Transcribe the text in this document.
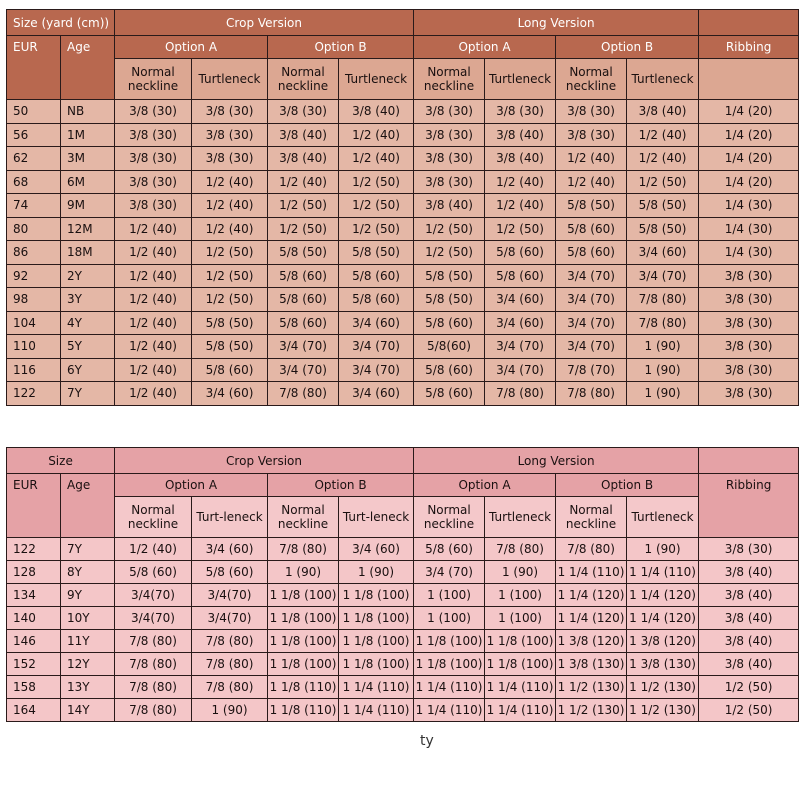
Size (yard (cm))		Crop Version				Long Version				
EUR	Age	Option A		Option B		Option A		Option B		Ribbing
		Normal neckline	Turtleneck	Normal neckline	Turtleneck	Normal neckline	Turtleneck	Normal neckline	Turtleneck	
50	NB	3/8 (30)	3/8 (30)	3/8 (30)	3/8 (40)	3/8 (30)	3/8 (30)	3/8 (30)	3/8 (40)	1/4 (20)
56	1M	3/8 (30)	3/8 (30)	3/8 (40)	1/2 (40)	3/8 (30)	3/8 (40)	3/8 (30)	1/2 (40)	1/4 (20)
62	3M	3/8 (30)	3/8 (30)	3/8 (40)	1/2 (40)	3/8 (30)	3/8 (40)	1/2 (40)	1/2 (40)	1/4 (20)
68	6M	3/8 (30)	1/2 (40)	1/2 (40)	1/2 (50)	3/8 (30)	1/2 (40)	1/2 (40)	1/2 (50)	1/4 (20)
74	9M	3/8 (30)	1/2 (40)	1/2 (50)	1/2 (50)	3/8 (40)	1/2 (40)	5/8 (50)	5/8 (50)	1/4 (30)
80	12M	1/2 (40)	1/2 (40)	1/2 (50)	1/2 (50)	1/2 (50)	1/2 (50)	5/8 (60)	5/8 (50)	1/4 (30)
86	18M	1/2 (40)	1/2 (50)	5/8 (50)	5/8 (50)	1/2 (50)	5/8 (60)	5/8 (60)	3/4 (60)	1/4 (30)
92	2Y	1/2 (40)	1/2 (50)	5/8 (60)	5/8 (60)	5/8 (50)	5/8 (60)	3/4 (70)	3/4 (70)	3/8 (30)
98	3Y	1/2 (40)	1/2 (50)	5/8 (60)	5/8 (60)	5/8 (50)	3/4 (60)	3/4 (70)	7/8 (80)	3/8 (30)
104	4Y	1/2 (40)	5/8 (50)	5/8 (60)	3/4 (60)	5/8 (60)	3/4 (60)	3/4 (70)	7/8 (80)	3/8 (30)
110	5Y	1/2 (40)	5/8 (50)	3/4 (70)	3/4 (70)	5/8(60)	3/4 (70)	3/4 (70)	1 (90)	3/8 (30)
116	6Y	1/2 (40)	5/8 (60)	3/4 (70)	3/4 (70)	5/8 (60)	3/4 (70)	7/8 (70)	1 (90)	3/8 (30)
122	7Y	1/2 (40)	3/4 (60)	7/8 (80)	3/4 (60)	5/8 (60)	7/8 (80)	7/8 (80)	1 (90)	3/8 (30)
Size		Crop Version				Long Version				
EUR	Age	Option A		Option B		Option A		Option B		Ribbing
		Normal neckline	Turt-leneck	Normal neckline	Turt-leneck	Normal neckline	Turtleneck	Normal neckline	Turtleneck	
122	7Y	1/2 (40)	3/4 (60)	7/8 (80)	3/4 (60)	5/8 (60)	7/8 (80)	7/8 (80)	1 (90)	3/8 (30)
128	8Y	5/8 (60)	5/8 (60)	1 (90)	1 (90)	3/4 (70)	1 (90)	1 1/4 (110)	1 1/4 (110)	3/8 (40)
134	9Y	3/4(70)	3/4(70)	1 1/8 (100)	1 1/8 (100)	1 (100)	1 (100)	1 1/4 (120)	1 1/4 (120)	3/8 (40)
140	10Y	3/4(70)	3/4(70)	1 1/8 (100)	1 1/8 (100)	1 (100)	1 (100)	1 1/4 (120)	1 1/4 (120)	3/8 (40)
146	11Y	7/8 (80)	7/8 (80)	1 1/8 (100)	1 1/8 (100)	1 1/8 (100)	1 1/8 (100)	1 3/8 (120)	1 3/8 (120)	3/8 (40)
152	12Y	7/8 (80)	7/8 (80)	1 1/8 (100)	1 1/8 (100)	1 1/8 (100)	1 1/8 (100)	1 3/8 (130)	1 3/8 (130)	3/8 (40)
158	13Y	7/8 (80)	7/8 (80)	1 1/8 (110)	1 1/4 (110)	1 1/4 (110)	1 1/4 (110)	1 1/2 (130)	1 1/2 (130)	1/2 (50)
164	14Y	7/8 (80)	1 (90)	1 1/8 (110)	1 1/4 (110)	1 1/4 (110)	1 1/4 (110)	1 1/2 (130)	1 1/2 (130)	1/2 (50)
ty
